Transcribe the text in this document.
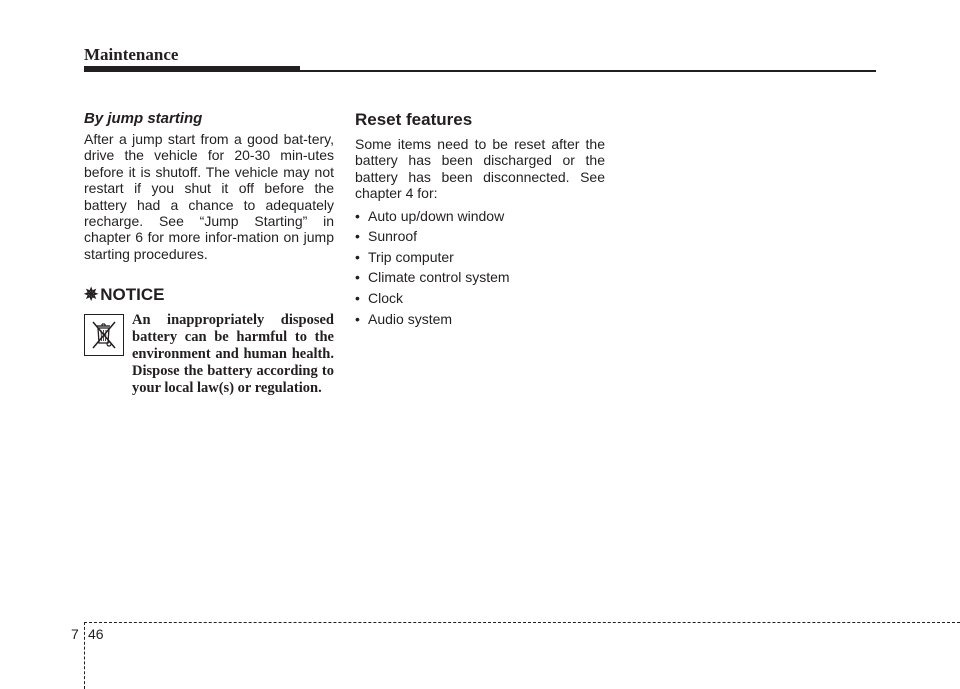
Maintenance
By jump starting

After a jump start from a good bat-tery, drive the vehicle for 20-30 min-utes before it is shutoff. The vehicle may not restart if you shut it off before the battery had a chance to adequately recharge. See “Jump Starting” in chapter 6 for more infor-mation on jump starting procedures.

✵ NOTICE

An inappropriately disposed battery can be harmful to the environment and human health. Dispose the battery according to your local law(s) or regulation.

Reset features

Some items need to be reset after the battery has been discharged or the battery has been disconnected. See chapter 4 for:

• Auto up/down window
• Sunroof
• Trip computer
• Climate control system
• Clock
• Audio system
7 46
